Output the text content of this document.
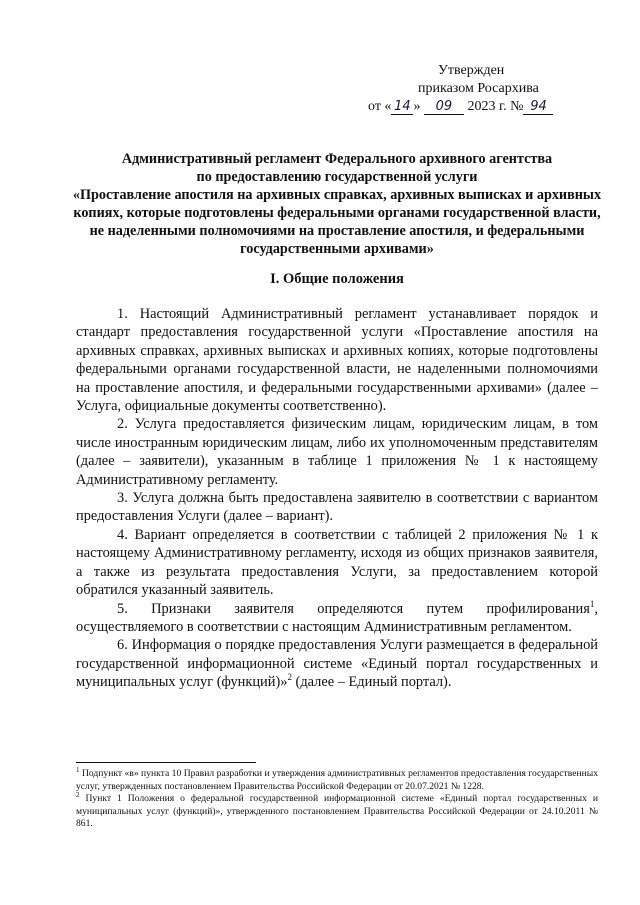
Утвержден
приказом Росархива
от « 14 » 09 2023 г. № 94
Административный регламент Федерального архивного агентства
по предоставлению государственной услуги
«Проставление апостиля на архивных справках, архивных выписках и архивных копиях, которые подготовлены федеральными органами государственной власти, не наделенными полномочиями на проставление апостиля, и федеральными государственными архивами»
I. Общие положения

1. Настоящий Административный регламент устанавливает порядок и стандарт предоставления государственной услуги «Проставление апостиля на архивных справках, архивных выписках и архивных копиях, которые подготовлены федеральными органами государственной власти, не наделенными полномочиями на проставление апостиля, и федеральными государственными архивами» (далее – Услуга, официальные документы соответственно).

2. Услуга предоставляется физическим лицам, юридическим лицам, в том числе иностранным юридическим лицам, либо их уполномоченным представителям (далее – заявители), указанным в таблице 1 приложения № 1 к настоящему Административному регламенту.

3. Услуга должна быть предоставлена заявителю в соответствии с вариантом предоставления Услуги (далее – вариант).

4. Вариант определяется в соответствии с таблицей 2 приложения № 1 к настоящему Административному регламенту, исходя из общих признаков заявителя, а также из результата предоставления Услуги, за предоставлением которой обратился указанный заявитель.

5. Признаки заявителя определяются путем профилирования$^1$, осуществляемого в соответствии с настоящим Административным регламентом.

6. Информация о порядке предоставления Услуги размещается в федеральной государственной информационной системе «Единый портал государственных и муниципальных услуг (функций)»$^2$ (далее – Единый портал).

$^1$ Подпункт «в» пункта 10 Правил разработки и утверждения административных регламентов предоставления государственных услуг, утвержденных постановлением Правительства Российской Федерации от 20.07.2021 № 1228.

$^2$ Пункт 1 Положения о федеральной государственной информационной системе «Единый портал государственных и муниципальных услуг (функций)», утвержденного постановлением Правительства Российской Федерации от 24.10.2011 № 861.
